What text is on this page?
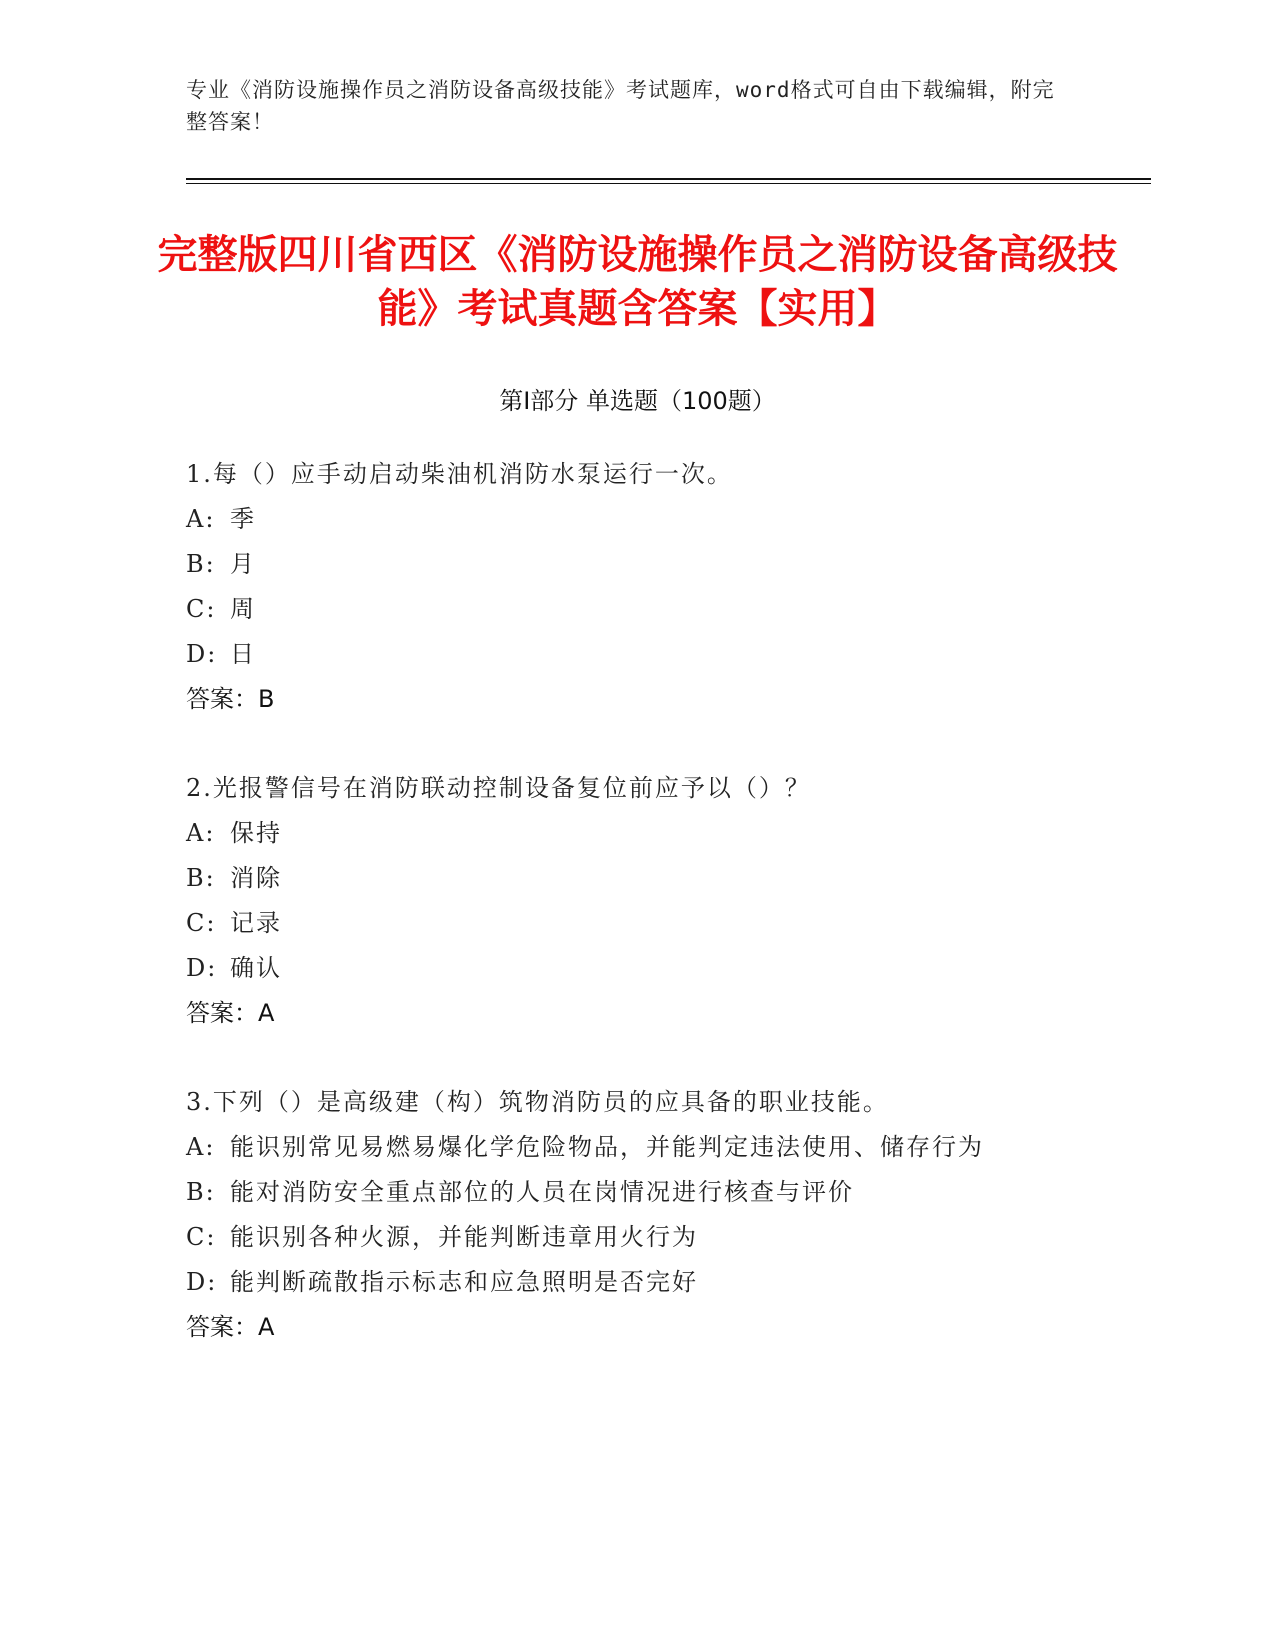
专业《消防设施操作员之消防设备高级技能》考试题库，word格式可自由下载编辑，附完整答案！
完整版四川省西区《消防设施操作员之消防设备高级技能》考试真题含答案【实用】
第I部分 单选题（100题）
1.每（）应手动启动柴油机消防水泵运行一次。
A: 季
B: 月
C: 周
D: 日
答案：B
2.光报警信号在消防联动控制设备复位前应予以（）？
A: 保持
B: 消除
C: 记录
D: 确认
答案：A
3.下列（）是高级建（构）筑物消防员的应具备的职业技能。
A: 能识别常见易燃易爆化学危险物品，并能判定违法使用、储存行为
B: 能对消防安全重点部位的人员在岗情况进行核查与评价
C: 能识别各种火源，并能判断违章用火行为
D: 能判断疏散指示标志和应急照明是否完好
答案：A
